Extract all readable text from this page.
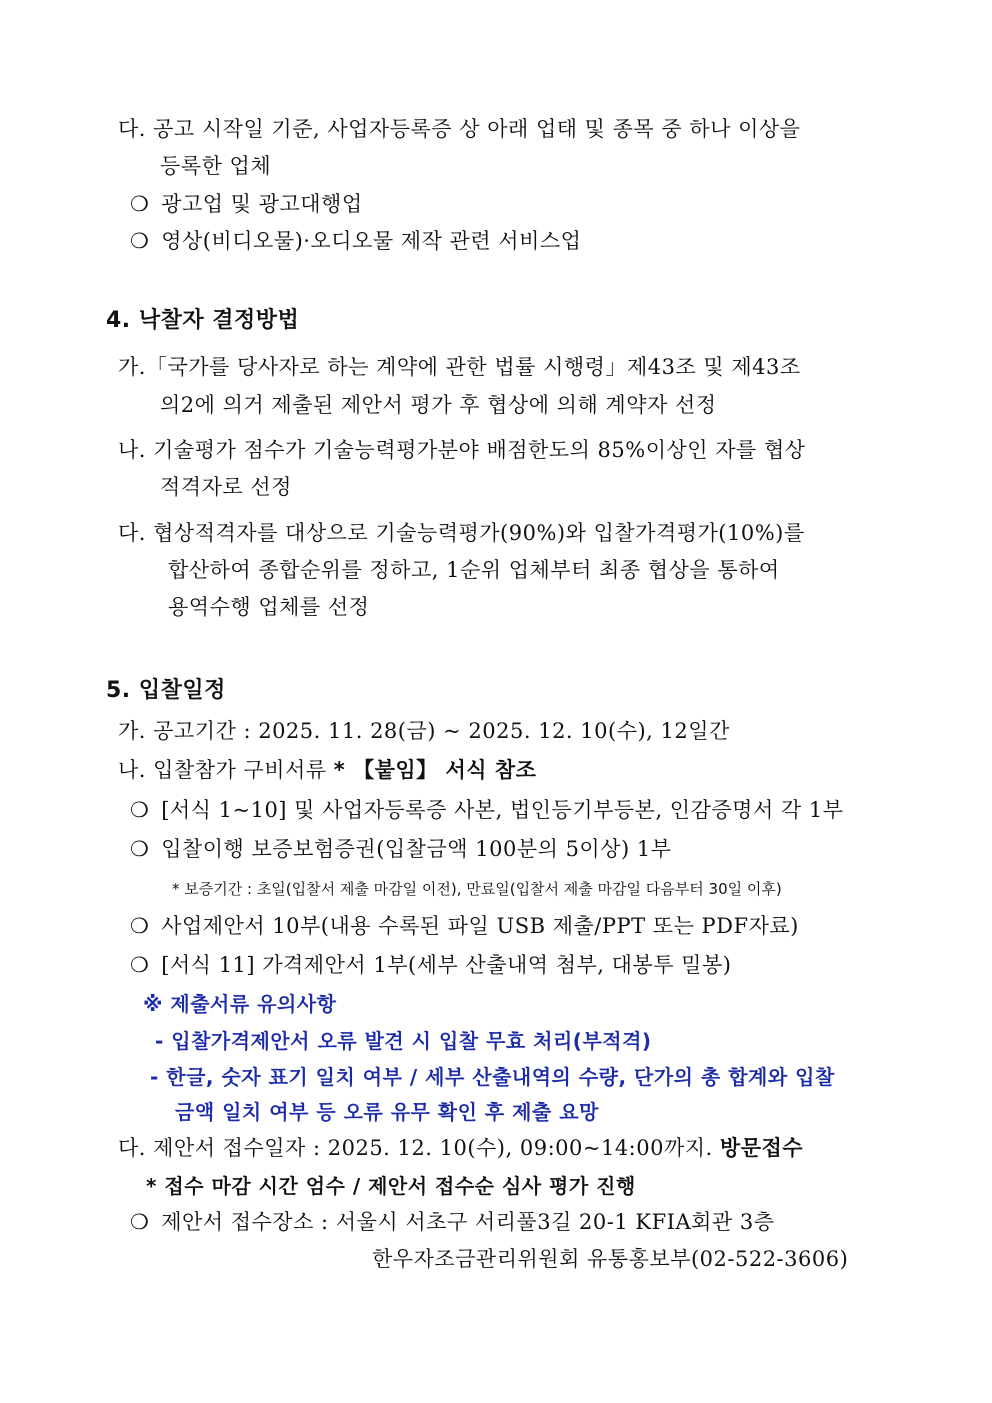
다. 공고 시작일 기준, 사업자등록증 상 아래 업태 및 종목 중 하나 이상을
등록한 업체
❍ 광고업 및 광고대행업
❍ 영상(비디오물)·오디오물 제작 관련 서비스업
4. 낙찰자 결정방법
가.「국가를 당사자로 하는 계약에 관한 법률 시행령」제43조 및 제43조
의2에 의거 제출된 제안서 평가 후 협상에 의해 계약자 선정
나. 기술평가 점수가 기술능력평가분야 배점한도의 85%이상인 자를 협상
적격자로 선정
다. 협상적격자를 대상으로 기술능력평가(90%)와 입찰가격평가(10%)를
합산하여 종합순위를 정하고, 1순위 업체부터 최종 협상을 통하여
용역수행 업체를 선정
5. 입찰일정
가. 공고기간 : 2025. 11. 28(금) ~ 2025. 12. 10(수), 12일간
나. 입찰참가 구비서류 * 【붙임】 서식 참조
❍ [서식 1~10] 및 사업자등록증 사본, 법인등기부등본, 인감증명서 각 1부
❍ 입찰이행 보증보험증권(입찰금액 100분의 5이상) 1부
* 보증기간 : 초일(입찰서 제출 마감일 이전), 만료일(입찰서 제출 마감일 다음부터 30일 이후)
❍ 사업제안서 10부(내용 수록된 파일 USB 제출/PPT 또는 PDF자료)
❍ [서식 11] 가격제안서 1부(세부 산출내역 첨부, 대봉투 밀봉)
※ 제출서류 유의사항
- 입찰가격제안서 오류 발견 시 입찰 무효 처리(부적격)
- 한글, 숫자 표기 일치 여부 / 세부 산출내역의 수량, 단가의 총 합계와 입찰
금액 일치 여부 등 오류 유무 확인 후 제출 요망
다. 제안서 접수일자 : 2025. 12. 10(수), 09:00~14:00까지. 방문접수
* 접수 마감 시간 엄수 / 제안서 접수순 심사 평가 진행
❍ 제안서 접수장소 : 서울시 서초구 서리풀3길 20-1 KFIA회관 3층
한우자조금관리위원회 유통홍보부(02-522-3606)
